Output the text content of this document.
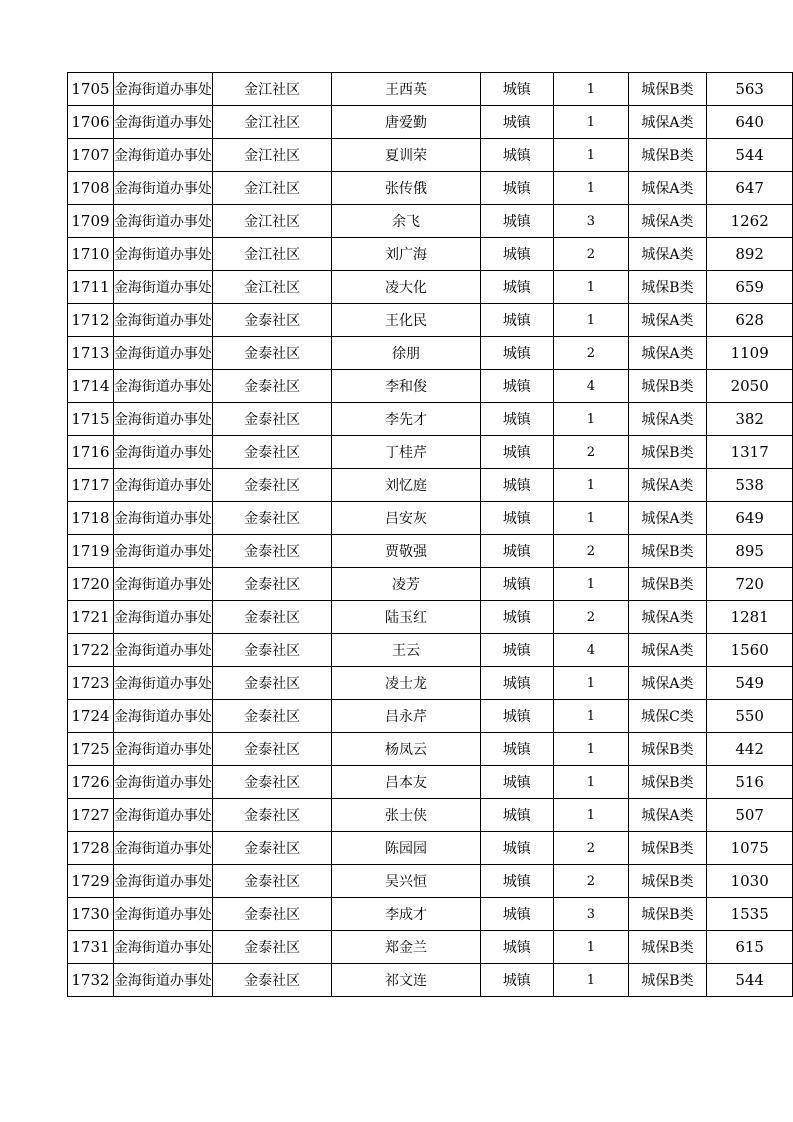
1705	金海街道办事处	金江社区	王西英	城镇	1	城保B类	563
1706	金海街道办事处	金江社区	唐爱勤	城镇	1	城保A类	640
1707	金海街道办事处	金江社区	夏训荣	城镇	1	城保B类	544
1708	金海街道办事处	金江社区	张传俄	城镇	1	城保A类	647
1709	金海街道办事处	金江社区	余飞	城镇	3	城保A类	1262
1710	金海街道办事处	金江社区	刘广海	城镇	2	城保A类	892
1711	金海街道办事处	金江社区	凌大化	城镇	1	城保B类	659
1712	金海街道办事处	金泰社区	王化民	城镇	1	城保A类	628
1713	金海街道办事处	金泰社区	徐朋	城镇	2	城保A类	1109
1714	金海街道办事处	金泰社区	李和俊	城镇	4	城保B类	2050
1715	金海街道办事处	金泰社区	李先才	城镇	1	城保A类	382
1716	金海街道办事处	金泰社区	丁桂芹	城镇	2	城保B类	1317
1717	金海街道办事处	金泰社区	刘忆庭	城镇	1	城保A类	538
1718	金海街道办事处	金泰社区	吕安灰	城镇	1	城保A类	649
1719	金海街道办事处	金泰社区	贾敬强	城镇	2	城保B类	895
1720	金海街道办事处	金泰社区	凌芳	城镇	1	城保B类	720
1721	金海街道办事处	金泰社区	陆玉红	城镇	2	城保A类	1281
1722	金海街道办事处	金泰社区	王云	城镇	4	城保A类	1560
1723	金海街道办事处	金泰社区	凌士龙	城镇	1	城保A类	549
1724	金海街道办事处	金泰社区	吕永芹	城镇	1	城保C类	550
1725	金海街道办事处	金泰社区	杨凤云	城镇	1	城保B类	442
1726	金海街道办事处	金泰社区	吕本友	城镇	1	城保B类	516
1727	金海街道办事处	金泰社区	张士侠	城镇	1	城保A类	507
1728	金海街道办事处	金泰社区	陈园园	城镇	2	城保B类	1075
1729	金海街道办事处	金泰社区	吴兴恒	城镇	2	城保B类	1030
1730	金海街道办事处	金泰社区	李成才	城镇	3	城保B类	1535
1731	金海街道办事处	金泰社区	郑金兰	城镇	1	城保B类	615
1732	金海街道办事处	金泰社区	祁文连	城镇	1	城保B类	544
